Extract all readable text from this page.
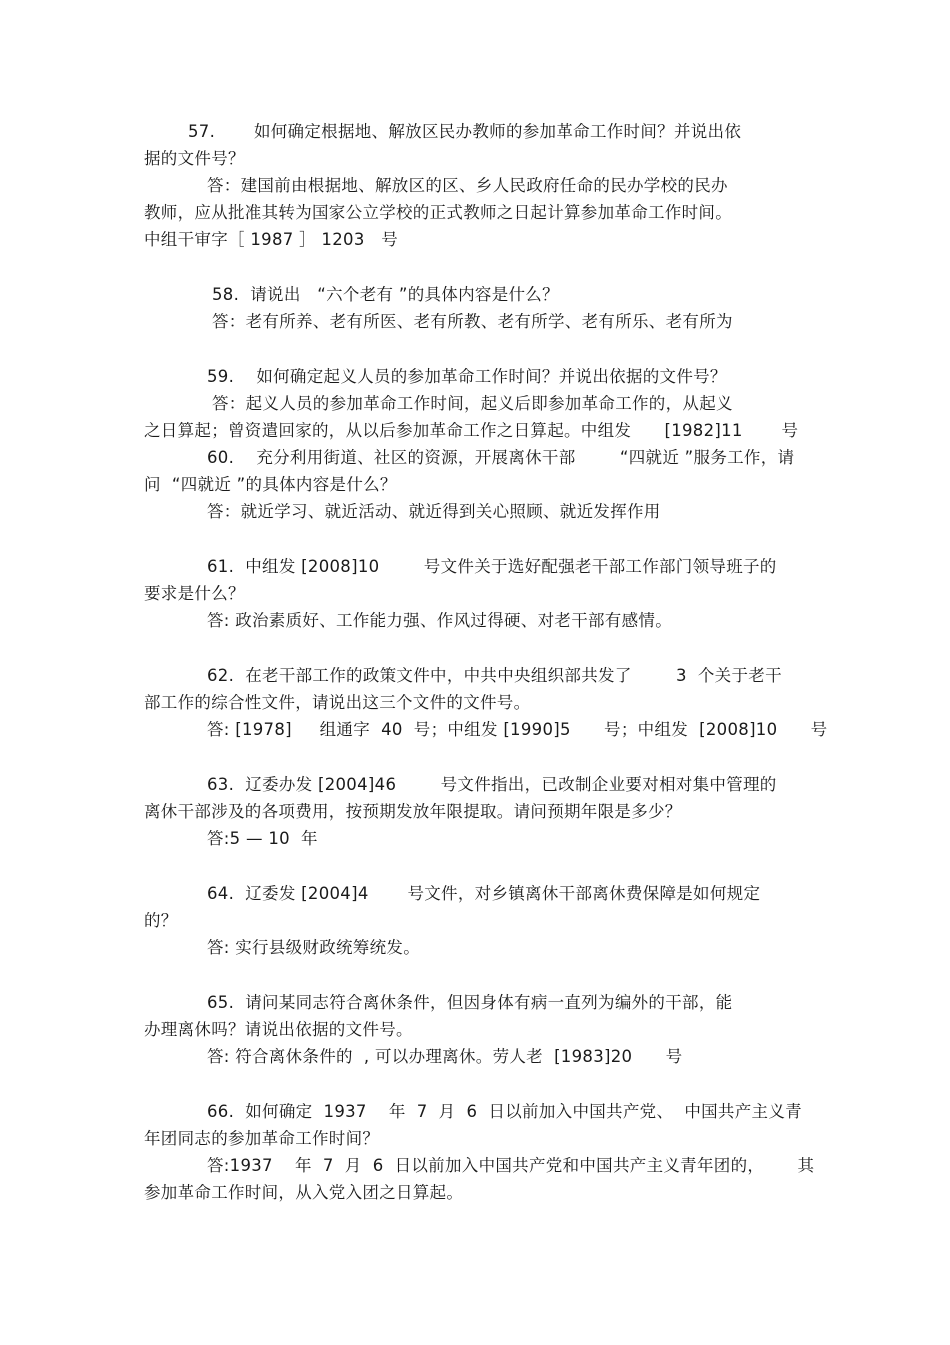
57.       如何确定根据地、解放区民办教师的参加革命工作时间？并说出依
据的文件号？
答：建国前由根据地、解放区的区、乡人民政府任命的民办学校的民办
教师，应从批准其转为国家公立学校的正式教师之日起计算参加革命工作时间。
中组干审字［ 1987 ］ 1203   号
58.  请说出   “六个老有 ”的具体内容是什么？
答：老有所养、老有所医、老有所教、老有所学、老有所乐、老有所为
59.    如何确定起义人员的参加革命工作时间？并说出依据的文件号？
答：起义人员的参加革命工作时间，起义后即参加革命工作的，从起义
之日算起；曾资遣回家的，从以后参加革命工作之日算起。中组发      [1982]11       号
60.    充分利用街道、社区的资源，开展离休干部        “四就近 ”服务工作，请
问  “四就近 ”的具体内容是什么？
答：就近学习、就近活动、就近得到关心照顾、就近发挥作用
61.  中组发 [2008]10        号文件关于选好配强老干部工作部门领导班子的
要求是什么？
答: 政治素质好、工作能力强、作风过得硬、对老干部有感情。
62.  在老干部工作的政策文件中，中共中央组织部共发了        3  个关于老干
部工作的综合性文件，请说出这三个文件的文件号。
答: [1978]     组通字  40  号；中组发 [1990]5      号；中组发  [2008]10      号
63.  辽委办发 [2004]46        号文件指出，已改制企业要对相对集中管理的
离休干部涉及的各项费用，按预期发放年限提取。请问预期年限是多少？
答:5 — 10  年
64.  辽委发 [2004]4       号文件，对乡镇离休干部离休费保障是如何规定
的？
答: 实行县级财政统筹统发。
65.  请问某同志符合离休条件，但因身体有病一直列为编外的干部，能
办理离休吗？请说出依据的文件号。
答: 符合离休条件的  , 可以办理离休。劳人老  [1983]20      号
66.  如何确定  1937    年  7  月  6  日以前加入中国共产党、  中国共产主义青
年团同志的参加革命工作时间？
答:1937    年  7  月  6  日以前加入中国共产党和中国共产主义青年团的，      其
参加革命工作时间，从入党入团之日算起。
